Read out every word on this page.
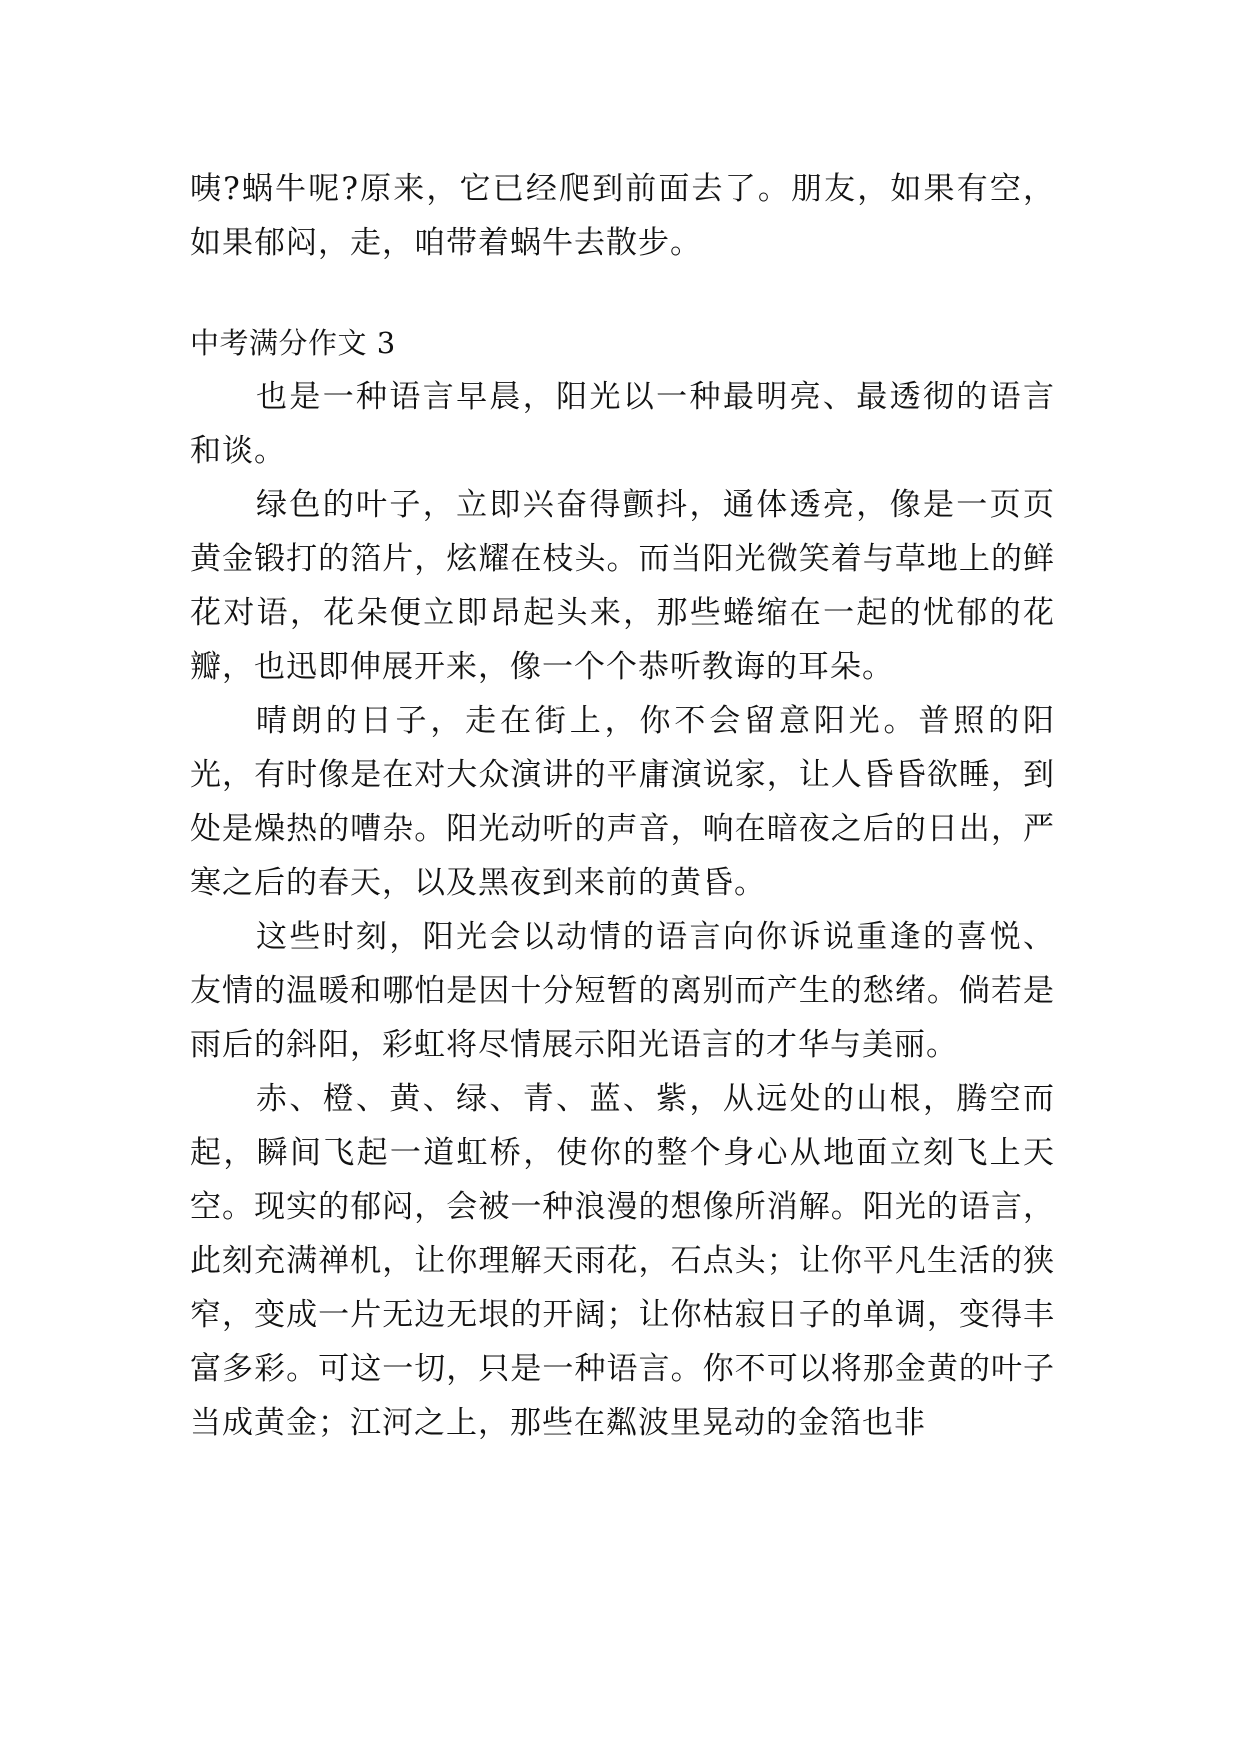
咦?蜗牛呢?原来，它已经爬到前面去了。朋友，如果有空，如果郁闷，走，咱带着蜗牛去散步。

中考满分作文 3

也是一种语言早晨，阳光以一种最明亮、最透彻的语言和谈。

绿色的叶子，立即兴奋得颤抖，通体透亮，像是一页页黄金锻打的箔片，炫耀在枝头。而当阳光微笑着与草地上的鲜花对语，花朵便立即昂起头来，那些蜷缩在一起的忧郁的花瓣，也迅即伸展开来，像一个个恭听教诲的耳朵。

晴朗的日子，走在街上，你不会留意阳光。普照的阳光，有时像是在对大众演讲的平庸演说家，让人昏昏欲睡，到处是燥热的嘈杂。阳光动听的声音，响在暗夜之后的日出，严寒之后的春天，以及黑夜到来前的黄昏。

这些时刻，阳光会以动情的语言向你诉说重逢的喜悦、友情的温暖和哪怕是因十分短暂的离别而产生的愁绪。倘若是雨后的斜阳，彩虹将尽情展示阳光语言的才华与美丽。

赤、橙、黄、绿、青、蓝、紫，从远处的山根，腾空而起，瞬间飞起一道虹桥，使你的整个身心从地面立刻飞上天空。现实的郁闷，会被一种浪漫的想像所消解。阳光的语言，此刻充满禅机，让你理解天雨花，石点头；让你平凡生活的狭窄，变成一片无边无垠的开阔；让你枯寂日子的单调，变得丰富多彩。可这一切，只是一种语言。你不可以将那金黄的叶子当成黄金；江河之上，那些在粼波里晃动的金箔也非
